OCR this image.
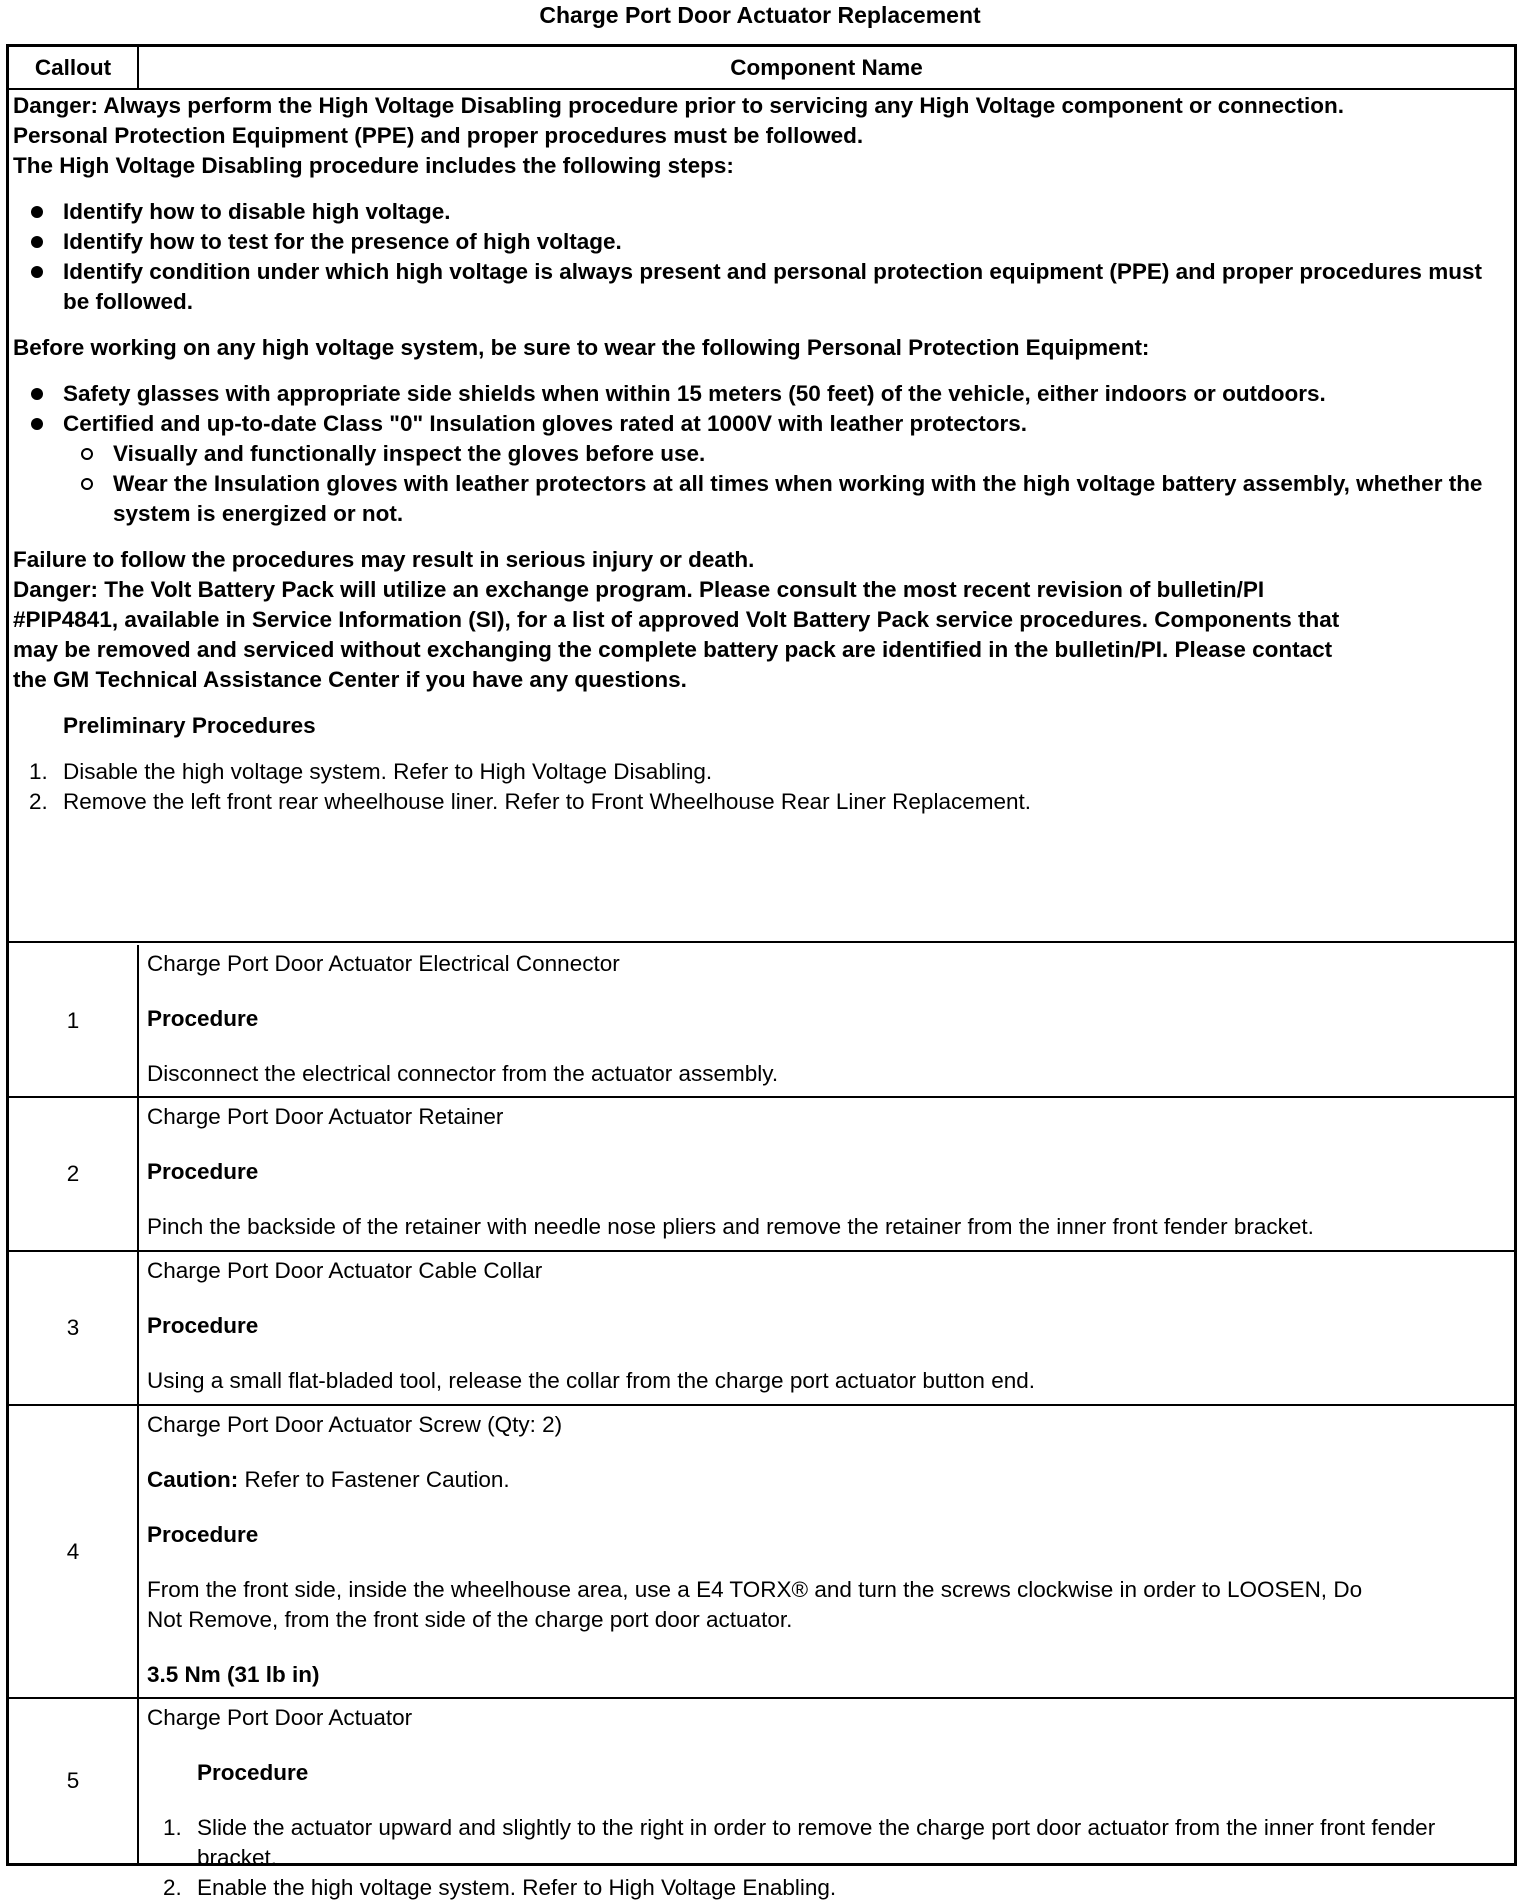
Charge Port Door Actuator Replacement
Callout	Component Name

Danger: Always perform the High Voltage Disabling procedure prior to servicing any High Voltage component or connection.

Personal Protection Equipment (PPE) and proper procedures must be followed.

The High Voltage Disabling procedure includes the following steps:

Identify how to disable high voltage.
Identify how to test for the presence of high voltage.
Identify condition under which high voltage is always present and personal protection equipment (PPE) and proper procedures must be followed.

Before working on any high voltage system, be sure to wear the following Personal Protection Equipment:

Safety glasses with appropriate side shields when within 15 meters (50 feet) of the vehicle, either indoors or outdoors.
Certified and up-to-date Class "0" Insulation gloves rated at 1000V with leather protectors.
Visually and functionally inspect the gloves before use.
Wear the Insulation gloves with leather protectors at all times when working with the high voltage battery assembly, whether the system is energized or not.

Failure to follow the procedures may result in serious injury or death.

Danger: The Volt Battery Pack will utilize an exchange program. Please consult the most recent revision of bulletin/PI

#PIP4841, available in Service Information (SI), for a list of approved Volt Battery Pack service procedures. Components that

may be removed and serviced without exchanging the complete battery pack are identified in the bulletin/PI. Please contact

the GM Technical Assistance Center if you have any questions.

Preliminary Procedures

1. Disable the high voltage system. Refer to High Voltage Disabling.
2. Remove the left front rear wheelhouse liner. Refer to Front Wheelhouse Rear Liner Replacement.
1

Charge Port Door Actuator Electrical Connector

Procedure

Disconnect the electrical connector from the actuator assembly.

2

Charge Port Door Actuator Retainer

Procedure

Pinch the backside of the retainer with needle nose pliers and remove the retainer from the inner front fender bracket.

3

Charge Port Door Actuator Cable Collar

Procedure

Using a small flat-bladed tool, release the collar from the charge port actuator button end.

4

Charge Port Door Actuator Screw (Qty: 2)

Caution: Refer to Fastener Caution.

Procedure

From the front side, inside the wheelhouse area, use a E4 TORX® and turn the screws clockwise in order to LOOSEN, Do

Not Remove, from the front side of the charge port door actuator.

3.5 Nm (31 lb in)

5

Charge Port Door Actuator

Procedure

1. Slide the actuator upward and slightly to the right in order to remove the charge port door actuator from the inner front fender bracket.
2. Enable the high voltage system. Refer to High Voltage Enabling.
